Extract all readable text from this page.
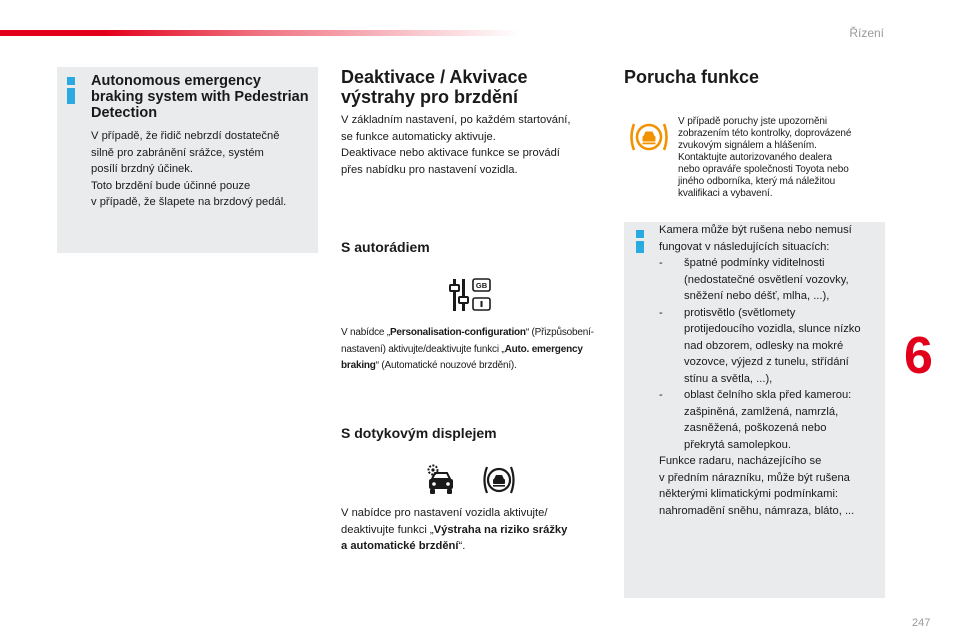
Řízení
Autonomous emergency braking system with Pedestrian Detection
V případě, že řidič nebrzdí dostatečně
silně pro zabránění srážce, systém
posílí brzdný účinek.
Toto brzdění bude účinné pouze
v případě, že šlapete na brzdový pedál.
Deaktivace / Akvivace
výstrahy pro brzdění
V základním nastavení, po každém startování,
se funkce automaticky aktivuje.
Deaktivace nebo aktivace funkce se provádí
přes nabídku pro nastavení vozidla.
S autorádiem
GB
V nabídce „Personalisation-configuration“ (Přizpůsobení-
nastavení) aktivujte/deaktivujte funkci „Auto. emergency
braking“ (Automatické nouzové brzdění).
S dotykovým displejem
V nabídce pro nastavení vozidla aktivujte/
deaktivujte funkci „Výstraha na riziko srážky
a automatické brzdění“.
Porucha funkce
V případě poruchy jste upozorněni
zobrazením této kontrolky, doprovázené
zvukovým signálem a hlášením.
Kontaktujte autorizovaného dealera
nebo opraváře společnosti Toyota nebo
jiného odborníka, který má náležitou
kvalifikaci a vybavení.
Kamera může být rušena nebo nemusí
fungovat v následujících situacích:
- špatné podmínky viditelnosti
(nedostatečné osvětlení vozovky,
sněžení nebo déšť, mlha, ...),
- protisvětlo (světlomety
protijedoucího vozidla, slunce nízko
nad obzorem, odlesky na mokré
vozovce, výjezd z tunelu, střídání
stínu a světla, ...),
- oblast čelního skla před kamerou:
zašpiněná, zamlžená, namrzlá,
zasněžená, poškozená nebo
překrytá samolepkou.
Funkce radaru, nacházejícího se
v předním nárazníku, může být rušena
některými klimatickými podmínkami:
nahromadění sněhu, námraza, bláto, ...
6
247
